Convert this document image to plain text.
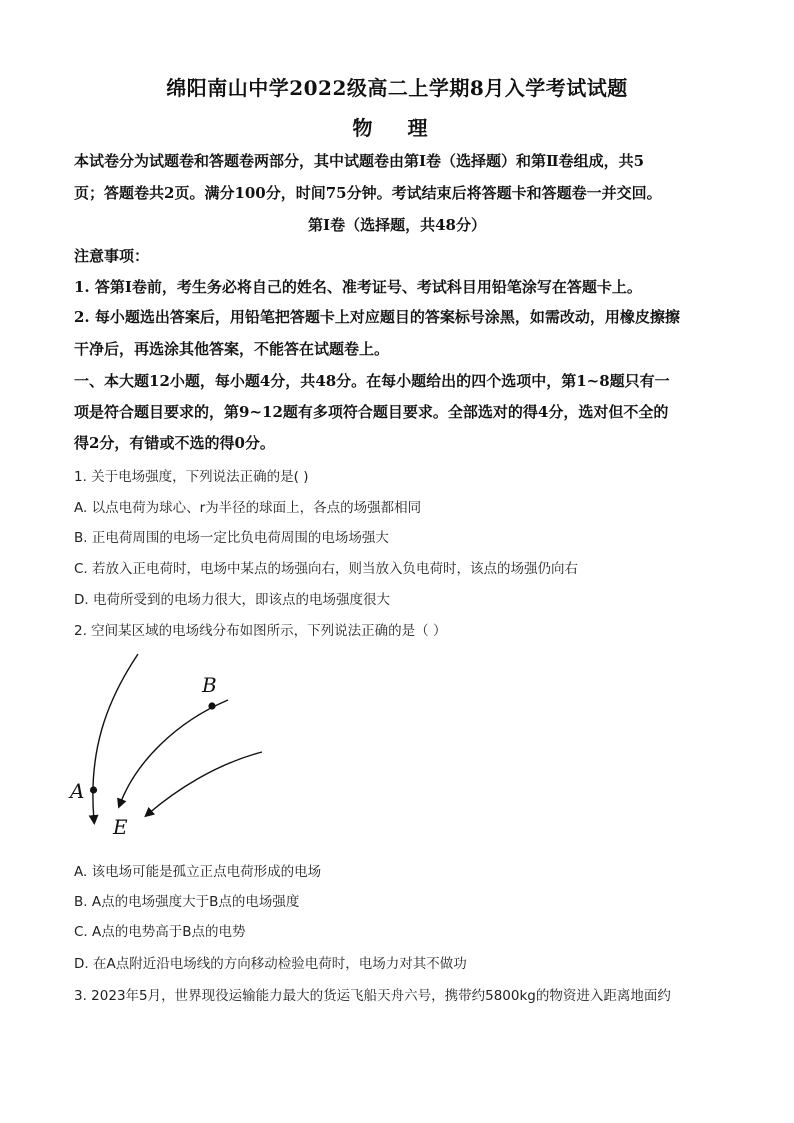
绵阳南山中学2022级高二上学期8月入学考试试题
物 理
本试卷分为试题卷和答题卷两部分，其中试题卷由第Ⅰ卷（选择题）和第Ⅱ卷组成，共5
页；答题卷共2页。满分100分，时间75分钟。考试结束后将答题卡和答题卷一并交回。
第Ⅰ卷（选择题，共48分）
注意事项：
1. 答第Ⅰ卷前，考生务必将自己的姓名、准考证号、考试科目用铅笔涂写在答题卡上。
2. 每小题选出答案后，用铅笔把答题卡上对应题目的答案标号涂黑，如需改动，用橡皮擦擦
干净后，再选涂其他答案，不能答在试题卷上。
一、本大题12小题，每小题4分，共48分。在每小题给出的四个选项中，第1~8题只有一
项是符合题目要求的，第9~12题有多项符合题目要求。全部选对的得4分，选对但不全的
得2分，有错或不选的得0分。
1. 关于电场强度，下列说法正确的是( )
A. 以点电荷为球心、r为半径的球面上，各点的场强都相同
B. 正电荷周围的电场一定比负电荷周围的电场场强大
C. 若放入正电荷时，电场中某点的场强向右，则当放入负电荷时，该点的场强仍向右
D. 电荷所受到的电场力很大，即该点的电场强度很大
2. 空间某区域的电场线分布如图所示，下列说法正确的是（ ）
A
B
E
A. 该电场可能是孤立正点电荷形成的电场
B. A点的电场强度大于B点的电场强度
C. A点的电势高于B点的电势
D. 在A点附近沿电场线的方向移动检验电荷时，电场力对其不做功
3. 2023年5月，世界现役运输能力最大的货运飞船天舟六号，携带约5800kg的物资进入距离地面约
